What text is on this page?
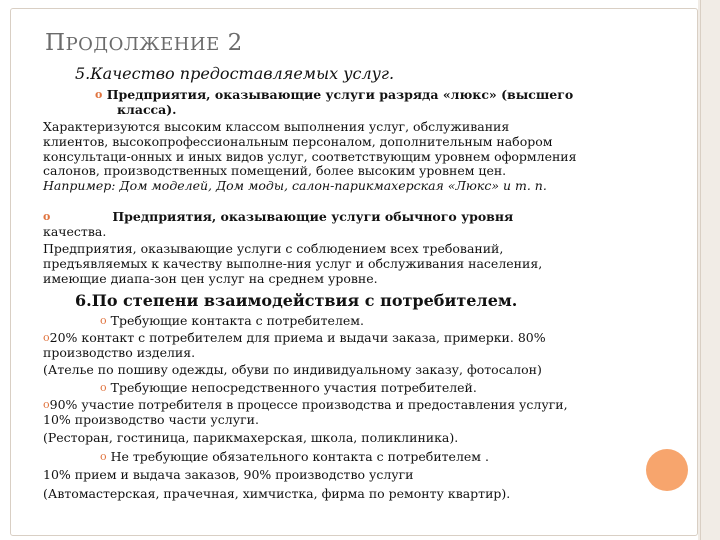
ПРОДОЛЖЕНИЕ 2
5.Качество предоставляемых услуг.
o Предприятия, оказывающие услуги разряда «люкс» (высшего
класса).
Характеризуются высоким классом выполнения услуг, обслуживания
клиентов, высокопрофессиональным персоналом, дополнительным набором
консультаци-онных и иных видов услуг, соответствующим уровнем оформления
салонов, производственных помещений, более высоким уровнем цен.
Например: Дом моделей, Дом моды, салон-парикмахерская «Люкс» и т. п.
o	Предприятия, оказывающие услуги обычного уровня
качества.
Предприятия, оказывающие услуги с соблюдением всех требований,
предъявляемых к качеству выполне-ния услуг и обслуживания населения,
имеющие диапа-зон цен услуг на среднем уровне.
6.По степени взаимодействия с потребителем.
o Требующие контакта с потребителем.
o20% контакт с потребителем для приема и выдачи заказа, примерки. 80%
производство изделия.
(Ателье по пошиву одежды, обуви по индивидуальному заказу, фотосалон)
o Требующие непосредственного участия потребителей.
o90% участие потребителя в процессе производства и предоставления услуги,
10% производство части услуги.
(Ресторан, гостиница, парикмахерская, школа, поликлиника).
o Не требующие обязательного контакта с потребителем .
10% прием и выдача заказов, 90% производство услуги
(Автомастерская, прачечная, химчистка, фирма по ремонту квартир).
